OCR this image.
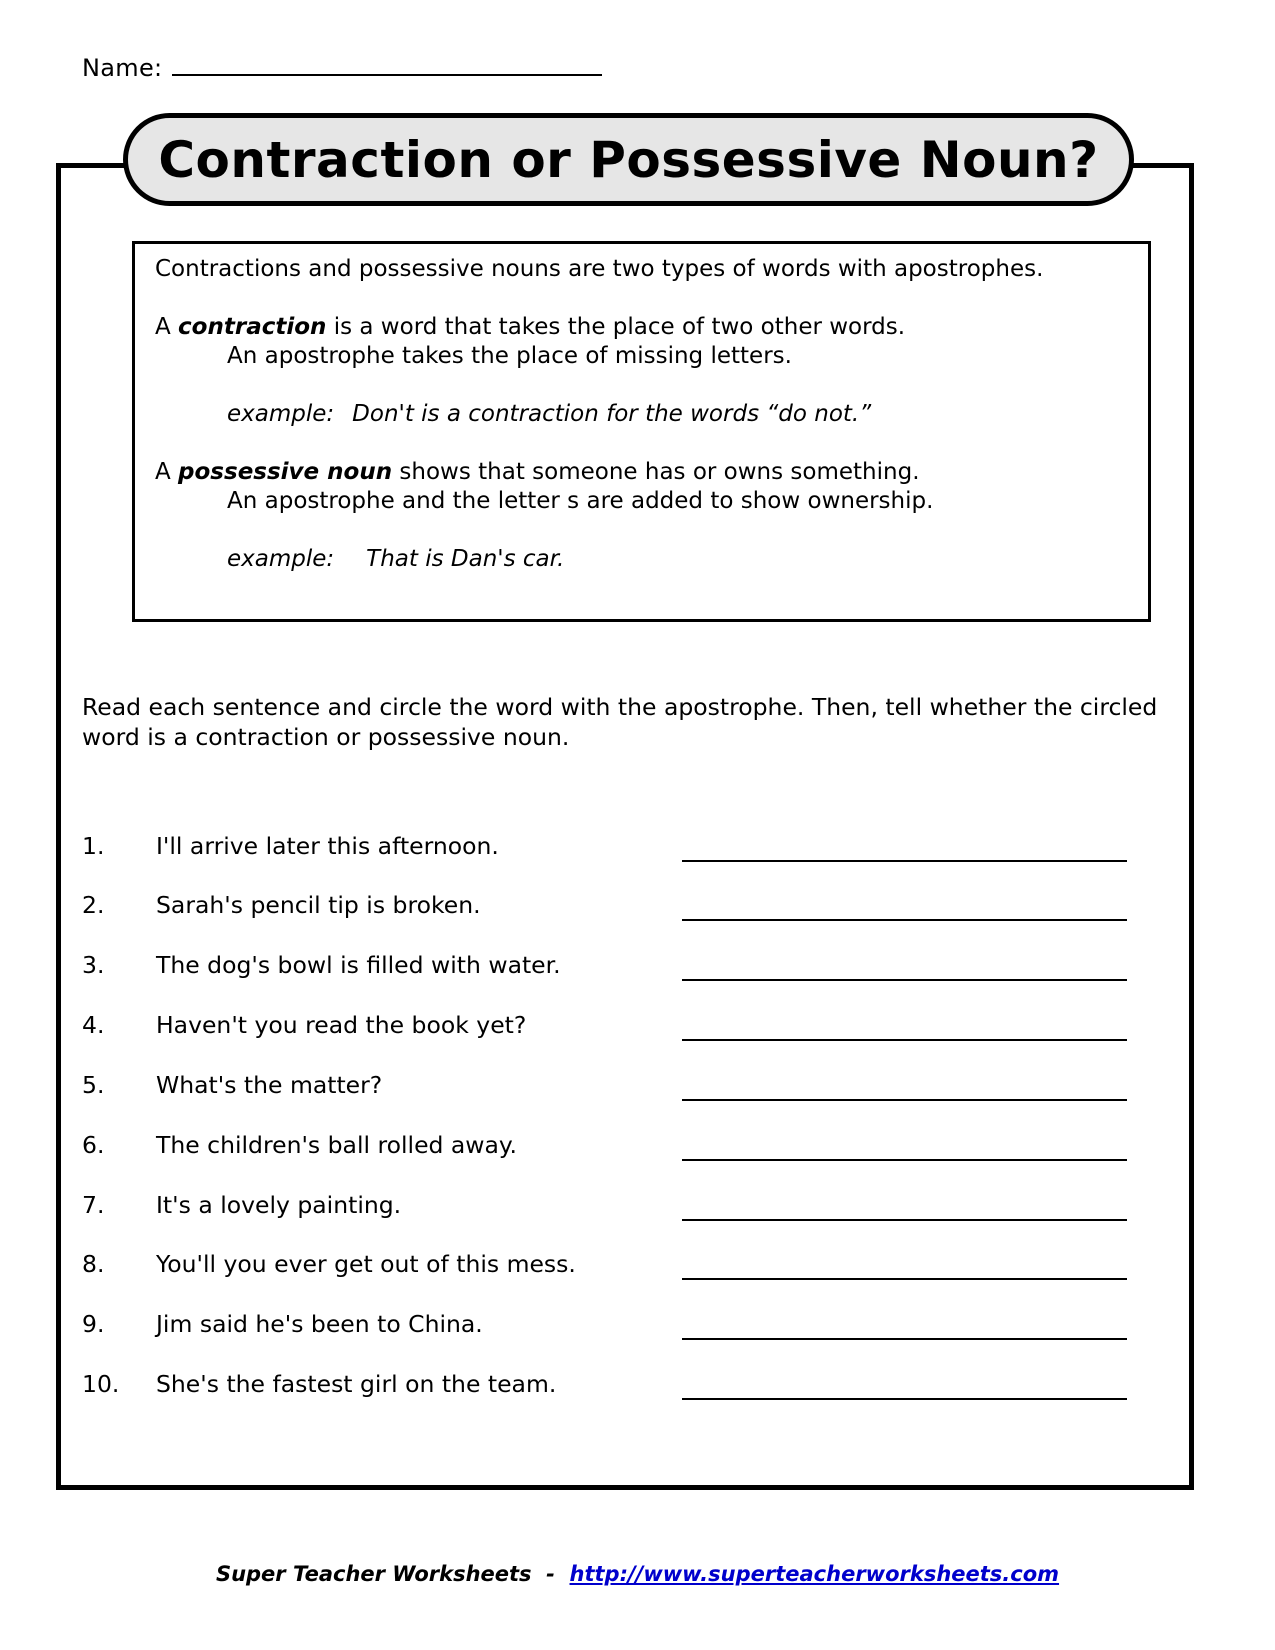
Name:
Contraction or Possessive Noun?
Contractions and possessive nouns are two types of words with apostrophes.
A contraction is a word that takes the place of two other words.
An apostrophe takes the place of missing letters.
example: Don't is a contraction for the words “do not.”
A possessive noun shows that someone has or owns something.
An apostrophe and the letter s are added to show ownership.
example: That is Dan's car.
Read each sentence and circle the word with the apostrophe. Then, tell whether the circled word is a contraction or possessive noun.
1. I'll arrive later this afternoon.
2. Sarah's pencil tip is broken.
3. The dog's bowl is filled with water.
4. Haven't you read the book yet?
5. What's the matter?
6. The children's ball rolled away.
7. It's a lovely painting.
8. You'll you ever get out of this mess.
9. Jim said he's been to China.
10. She's the fastest girl on the team.
Super Teacher Worksheets  -  http://www.superteacherworksheets.com
